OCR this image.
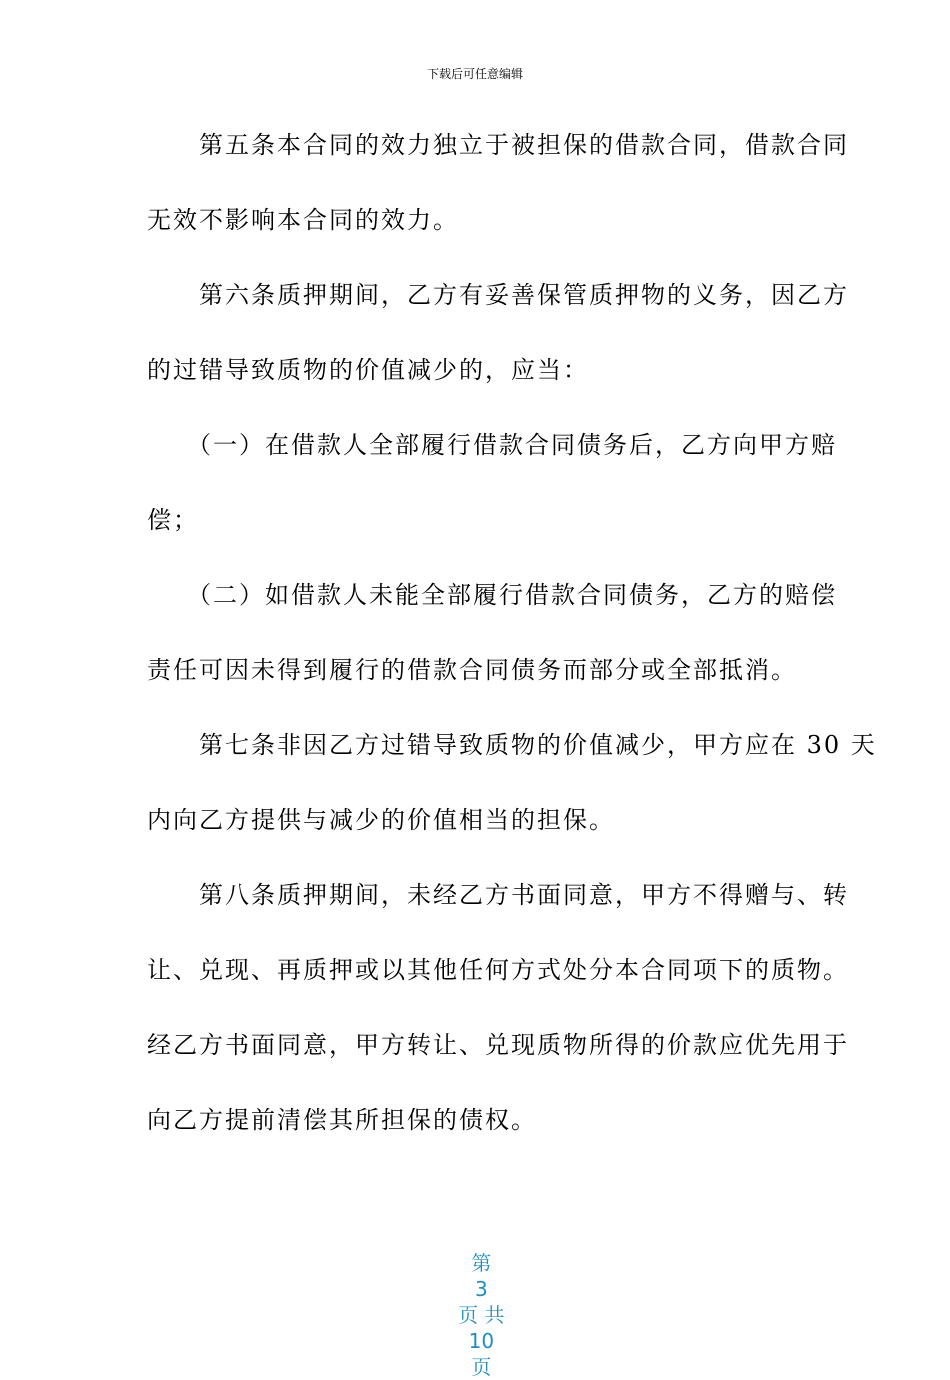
下载后可任意编辑
　　第五条本合同的效力独立于被担保的借款合同，借款合同
无效不影响本合同的效力。
　　第六条质押期间，乙方有妥善保管质押物的义务，因乙方
的过错导致质物的价值减少的，应当：
　　（一）在借款人全部履行借款合同债务后，乙方向甲方赔
偿；
　　（二）如借款人未能全部履行借款合同债务，乙方的赔偿
责任可因未得到履行的借款合同债务而部分或全部抵消。
　　第七条非因乙方过错导致质物的价值减少，甲方应在 30 天
内向乙方提供与减少的价值相当的担保。
　　第八条质押期间，未经乙方书面同意，甲方不得赠与、转
让、兑现、再质押或以其他任何方式处分本合同项下的质物。
经乙方书面同意，甲方转让、兑现质物所得的价款应优先用于
向乙方提前清偿其所担保的债权。

第
3
页 共
10
页
